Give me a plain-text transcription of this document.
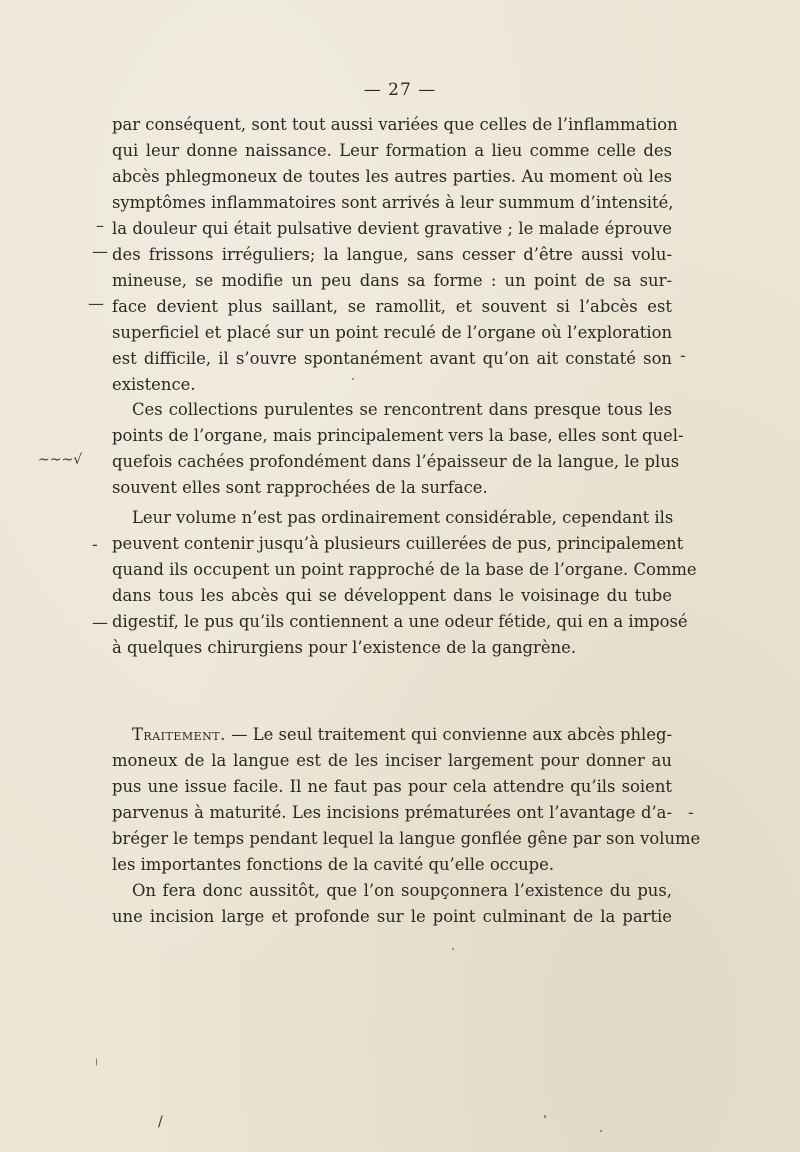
— 27 —
par conséquent, sont tout aussi variées que celles de l’inflammation
qui leur donne naissance. Leur formation a lieu comme celle des
abcès phlegmoneux de toutes les autres parties. Au moment où les
symptômes inflammatoires sont arrivés à leur summum d’intensité,
la douleur qui était pulsative devient gravative ; le malade éprouve
des frissons irréguliers; la langue, sans cesser d’être aussi volu-
mineuse, se modifie un peu dans sa forme : un point de sa sur-
face devient plus saillant, se ramollit, et souvent si l’abcès est
superficiel et placé sur un point reculé de l’organe où l’exploration
est difficile, il s’ouvre spontanément avant qu’on ait constaté son
existence.
Ces collections purulentes se rencontrent dans presque tous les
points de l’organe, mais principalement vers la base, elles sont quel-
quefois cachées profondément dans l’épaisseur de la langue, le plus
souvent elles sont rapprochées de la surface.
Leur volume n’est pas ordinairement considérable, cependant ils
peuvent contenir jusqu’à plusieurs cuillerées de pus, principalement
quand ils occupent un point rapproché de la base de l’organe. Comme
dans tous les abcès qui se développent dans le voisinage du tube
digestif, le pus qu’ils contiennent a une odeur fétide, qui en a imposé
à quelques chirurgiens pour l’existence de la gangrène.
Traitement. — Le seul traitement qui convienne aux abcès phleg-
moneux de la langue est de les inciser largement pour donner au
pus une issue facile. Il ne faut pas pour cela attendre qu’ils soient
parvenus à maturité. Les incisions prématurées ont l’avantage d’a-
bréger le temps pendant lequel la langue gonflée gêne par son volume
les importantes fonctions de la cavité qu’elle occupe.
On fera donc aussitôt, que l’on soupçonnera l’existence du pus,
une incision large et profonde sur le point culminant de la partie
–
—
—
-
~~~√
-
—
-
/
